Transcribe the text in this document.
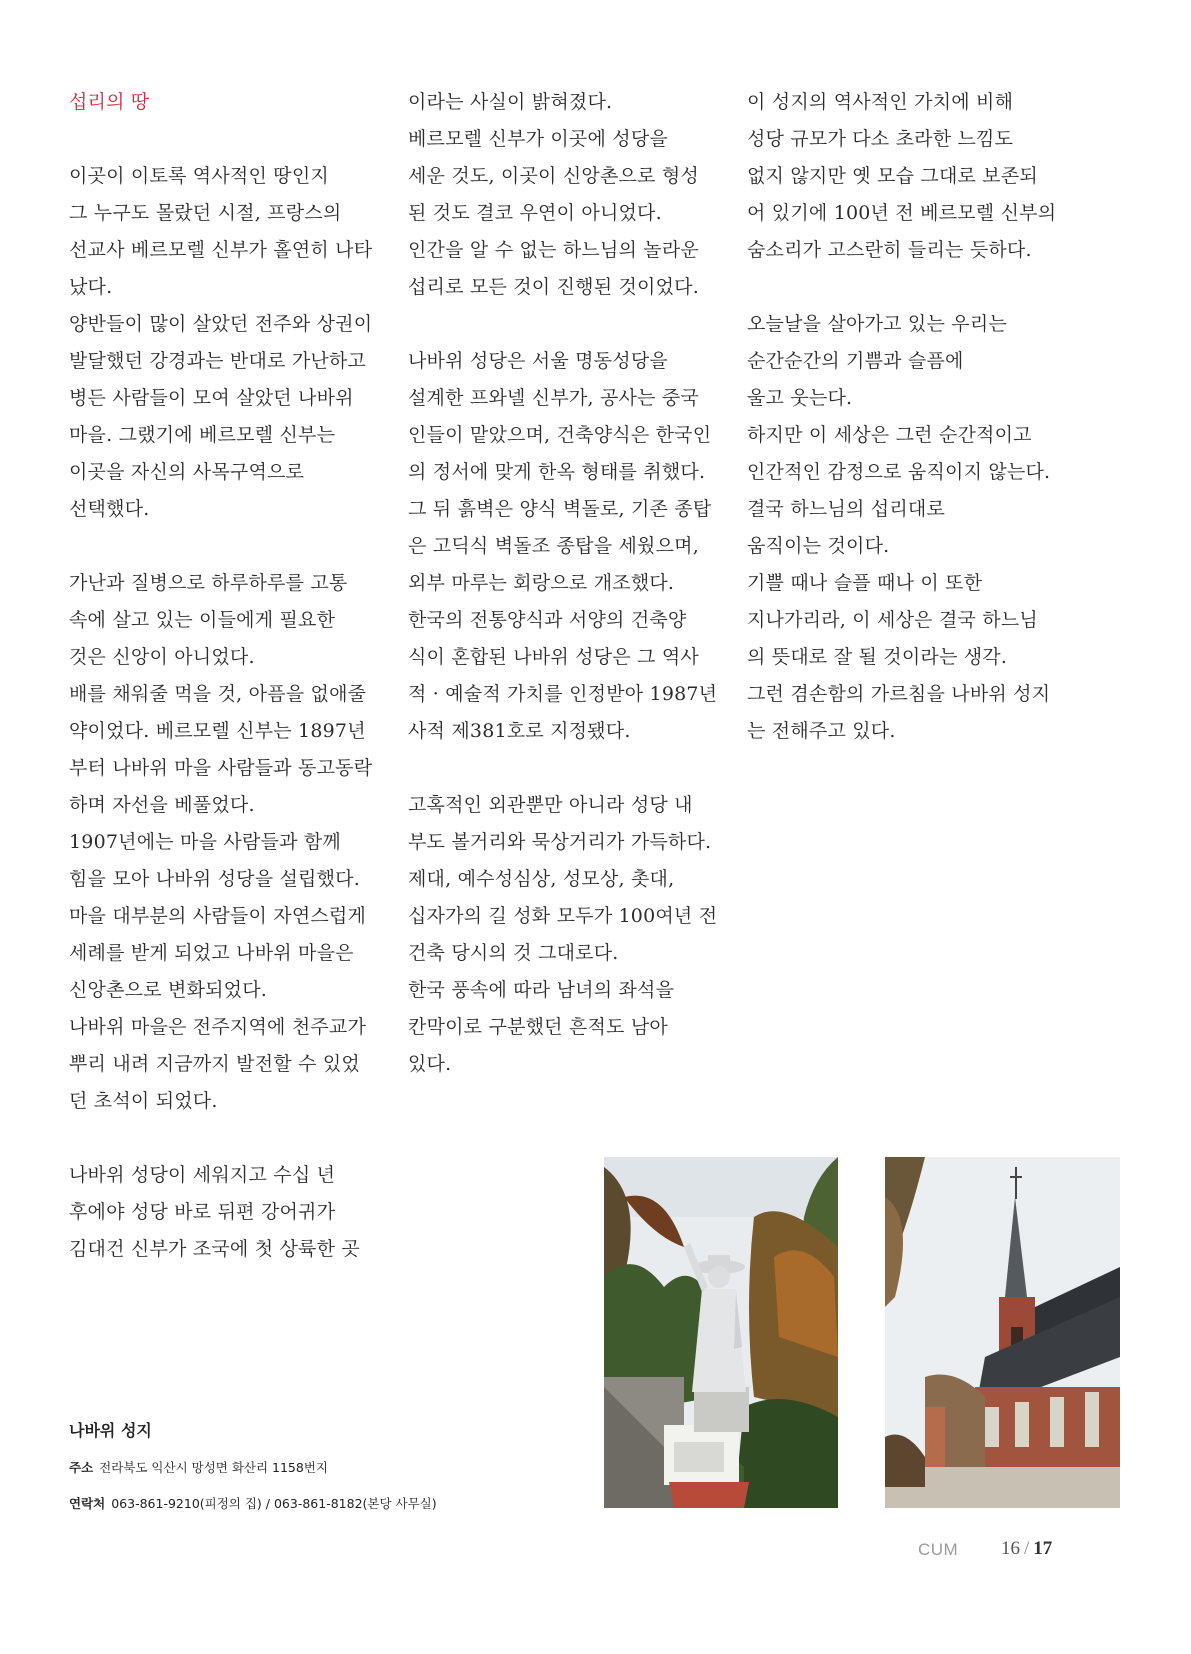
섭리의 땅

이곳이 이토록 역사적인 땅인지

그 누구도 몰랐던 시절, 프랑스의

선교사 베르모렐 신부가 홀연히 나타

났다.

양반들이 많이 살았던 전주와 상권이

발달했던 강경과는 반대로 가난하고

병든 사람들이 모여 살았던 나바위

마을. 그랬기에 베르모렐 신부는

이곳을 자신의 사목구역으로

선택했다.

가난과 질병으로 하루하루를 고통

속에 살고 있는 이들에게 필요한

것은 신앙이 아니었다.

배를 채워줄 먹을 것, 아픔을 없애줄

약이었다. 베르모렐 신부는 1897년

부터 나바위 마을 사람들과 동고동락

하며 자선을 베풀었다.

1907년에는 마을 사람들과 함께

힘을 모아 나바위 성당을 설립했다.

마을 대부분의 사람들이 자연스럽게

세례를 받게 되었고 나바위 마을은

신앙촌으로 변화되었다.

나바위 마을은 전주지역에 천주교가

뿌리 내려 지금까지 발전할 수 있었

던 초석이 되었다.

나바위 성당이 세워지고 수십 년

후에야 성당 바로 뒤편 강어귀가

김대건 신부가 조국에 첫 상륙한 곳

이라는 사실이 밝혀졌다.

베르모렐 신부가 이곳에 성당을

세운 것도, 이곳이 신앙촌으로 형성

된 것도 결코 우연이 아니었다.

인간을 알 수 없는 하느님의 놀라운

섭리로 모든 것이 진행된 것이었다.

나바위 성당은 서울 명동성당을

설계한 프와넬 신부가, 공사는 중국

인들이 맡았으며, 건축양식은 한국인

의 정서에 맞게 한옥 형태를 취했다.

그 뒤 흙벽은 양식 벽돌로, 기존 종탑

은 고딕식 벽돌조 종탑을 세웠으며,

외부 마루는 회랑으로 개조했다.

한국의 전통양식과 서양의 건축양

식이 혼합된 나바위 성당은 그 역사

적 · 예술적 가치를 인정받아 1987년

사적 제381호로 지정됐다.

고혹적인 외관뿐만 아니라 성당 내

부도 볼거리와 묵상거리가 가득하다.

제대, 예수성심상, 성모상, 촛대,

십자가의 길 성화 모두가 100여년 전

건축 당시의 것 그대로다.

한국 풍속에 따라 남녀의 좌석을

칸막이로 구분했던 흔적도 남아

있다.

이 성지의 역사적인 가치에 비해

성당 규모가 다소 초라한 느낌도

없지 않지만 옛 모습 그대로 보존되

어 있기에 100년 전 베르모렐 신부의

숨소리가 고스란히 들리는 듯하다.

오늘날을 살아가고 있는 우리는

순간순간의 기쁨과 슬픔에

울고 웃는다.

하지만 이 세상은 그런 순간적이고

인간적인 감정으로 움직이지 않는다.

결국 하느님의 섭리대로

움직이는 것이다.

기쁠 때나 슬플 때나 이 또한

지나가리라, 이 세상은 결국 하느님

의 뜻대로 잘 될 것이라는 생각.

그런 겸손함의 가르침을 나바위 성지

는 전해주고 있다.

나바위 성지
주소 전라북도 익산시 망성면 화산리 1158번지
연락처 063-861-9210(피정의 집) / 063-861-8182(본당 사무실)
CUM 16 / 17
